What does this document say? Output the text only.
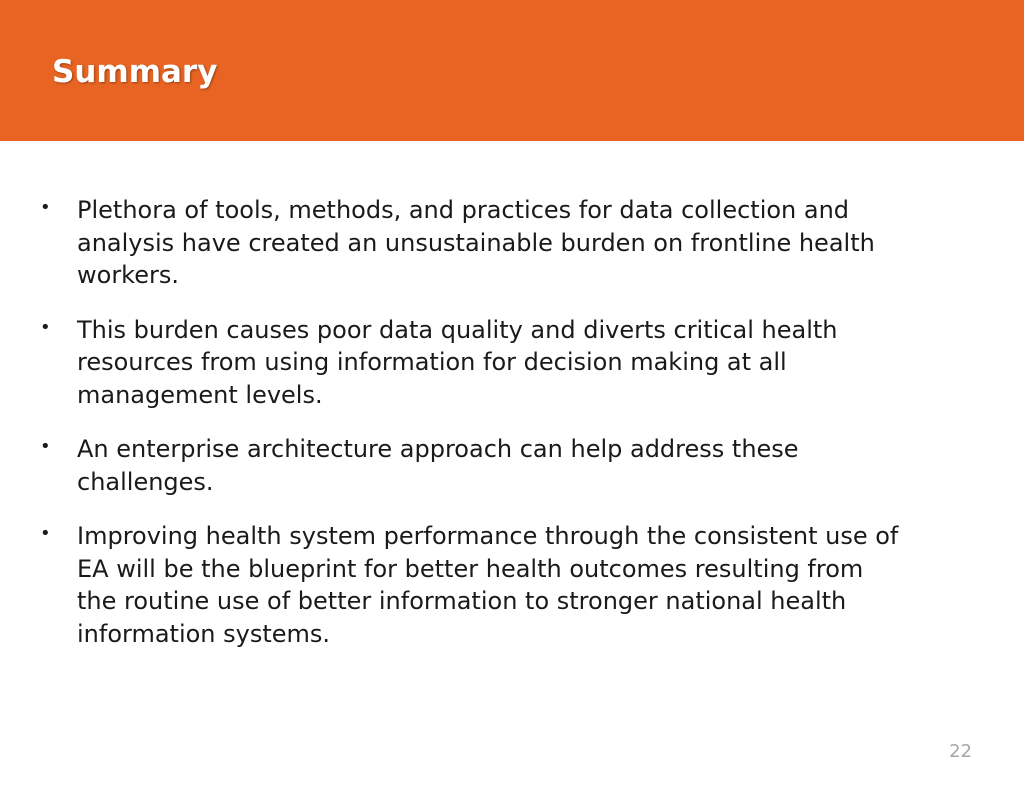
Summary
• Plethora of tools, methods, and practices for data collection and analysis have created an unsustainable burden on frontline health workers.
• This burden causes poor data quality and diverts critical health resources from using information for decision making at all management levels.
• An enterprise architecture approach can help address these challenges.
• Improving health system performance through the consistent use of EA will be the blueprint for better health outcomes resulting from the routine use of better information to stronger national health information systems.
22
